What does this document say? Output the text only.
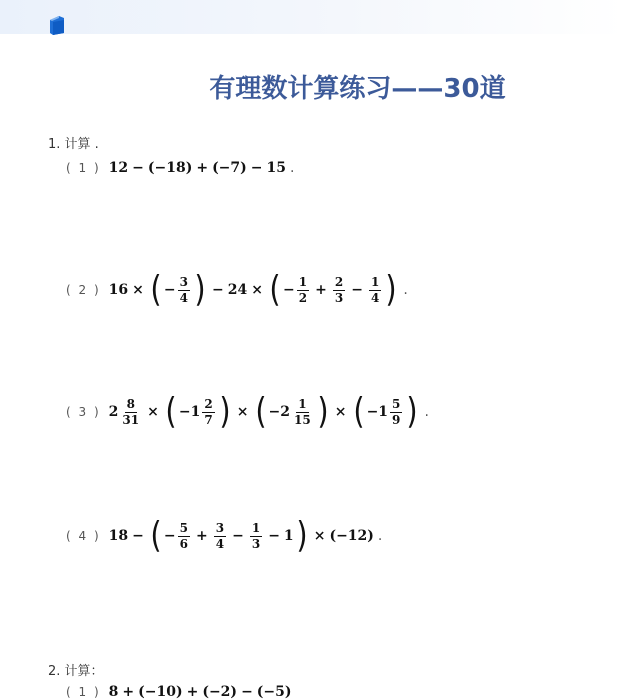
有理数计算练习——30道
1. 计算 .
( 1 ) 12 − (−18) + (−7) − 15 .
( 2 ) 16 × ( − $\frac{3}{4}$ ) − 24 × ( − $\frac{1}{2} + \frac{2}{3} - \frac{1}{4}$ ) .
( 3 ) $2 \frac{8}{31}$ × ( $-1 \frac{2}{7}$ ) × ( $-2 \frac{1}{15}$ ) × ( $-1 \frac{5}{9}$ ) .
( 4 ) 18 − ( − $\frac{5}{6} + \frac{3}{4} - \frac{1}{3} - 1$ ) × (−12) .
2. 计算：
( 1 ) 8 + (−10) + (−2) − (−5)
